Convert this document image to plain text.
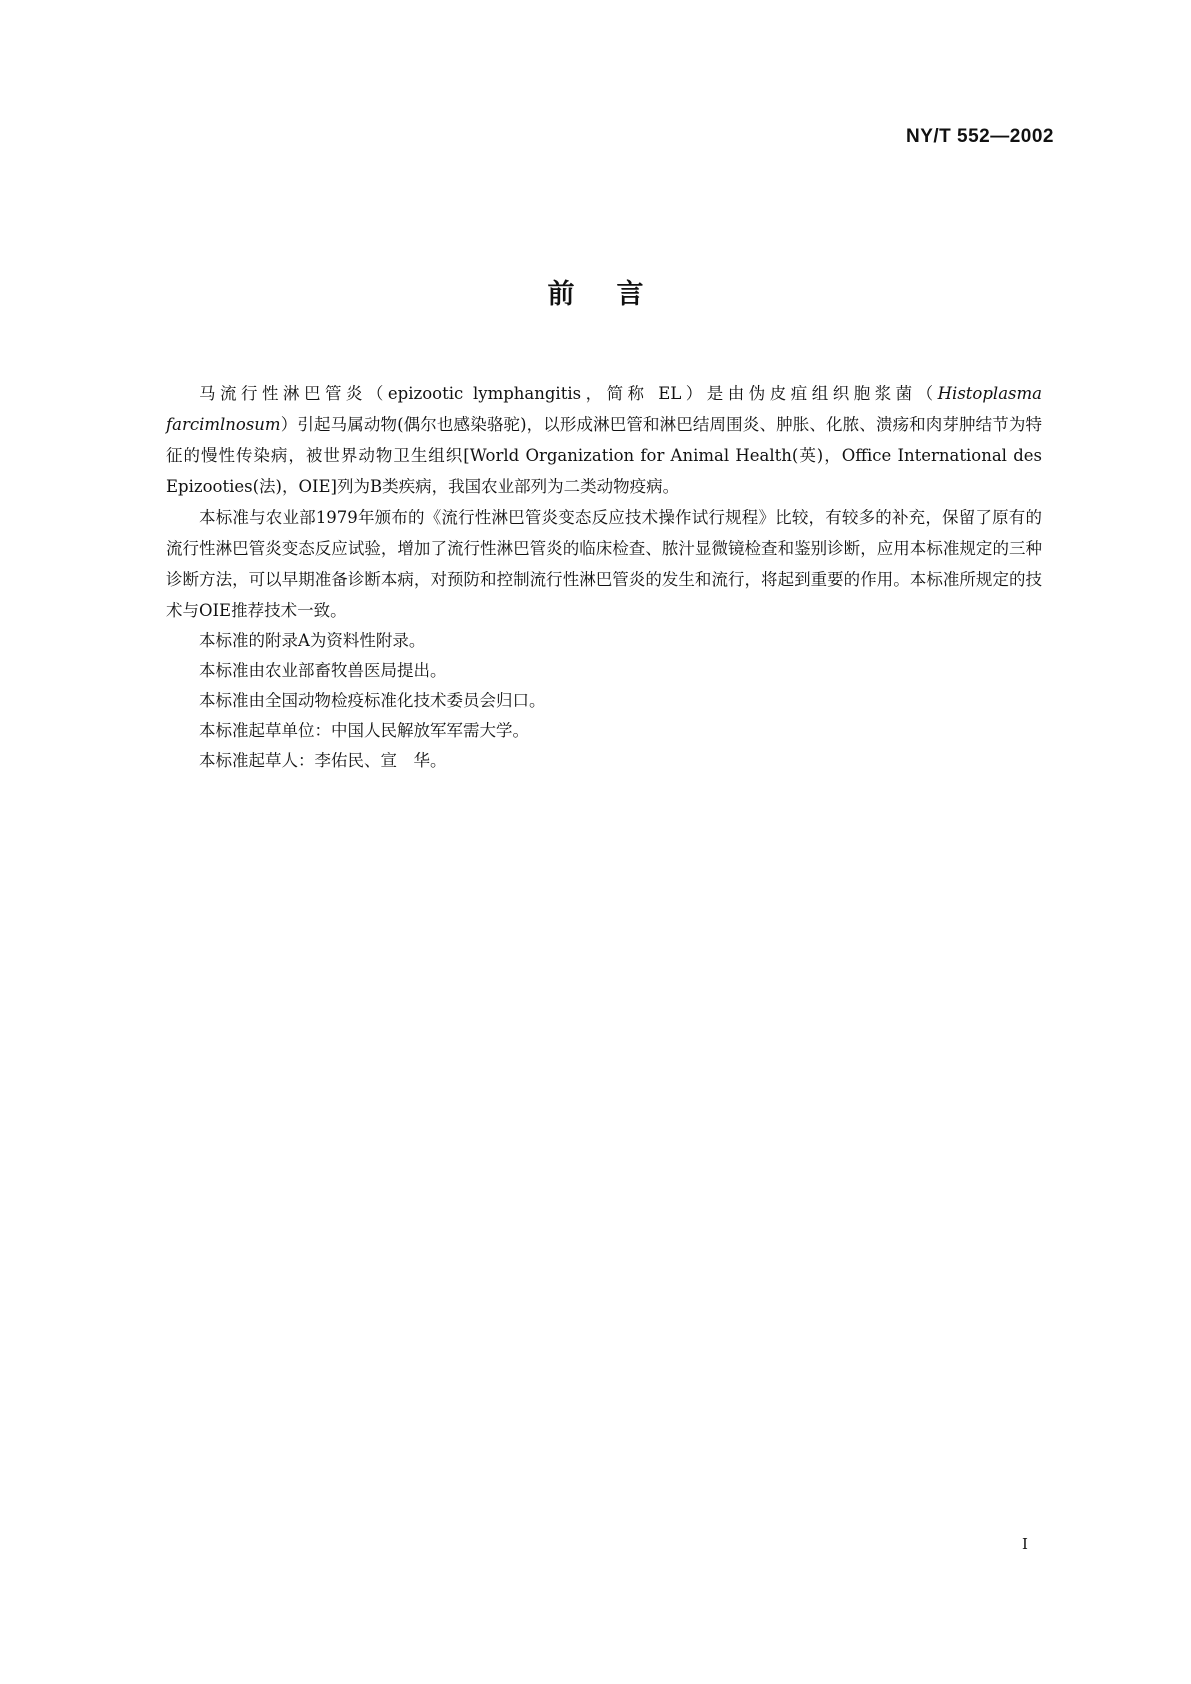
NY/T 552—2002
前言

马流行性淋巴管炎（epizootic lymphangitis，简称 EL）是由伪皮疽组织胞浆菌（Histoplasma farcimlnosum）引起马属动物(偶尔也感染骆驼)，以形成淋巴管和淋巴结周围炎、肿胀、化脓、溃疡和肉芽肿结节为特征的慢性传染病，被世界动物卫生组织[World Organization for Animal Health(英)，Office International des Epizooties(法)，OIE]列为B类疾病，我国农业部列为二类动物疫病。

本标准与农业部1979年颁布的《流行性淋巴管炎变态反应技术操作试行规程》比较，有较多的补充，保留了原有的流行性淋巴管炎变态反应试验，增加了流行性淋巴管炎的临床检查、脓汁显微镜检查和鉴别诊断，应用本标准规定的三种诊断方法，可以早期准备诊断本病，对预防和控制流行性淋巴管炎的发生和流行，将起到重要的作用。本标准所规定的技术与OIE推荐技术一致。

本标准的附录A为资料性附录。

本标准由农业部畜牧兽医局提出。

本标准由全国动物检疫标准化技术委员会归口。

本标准起草单位：中国人民解放军军需大学。

本标准起草人：李佑民、宣　华。

I
